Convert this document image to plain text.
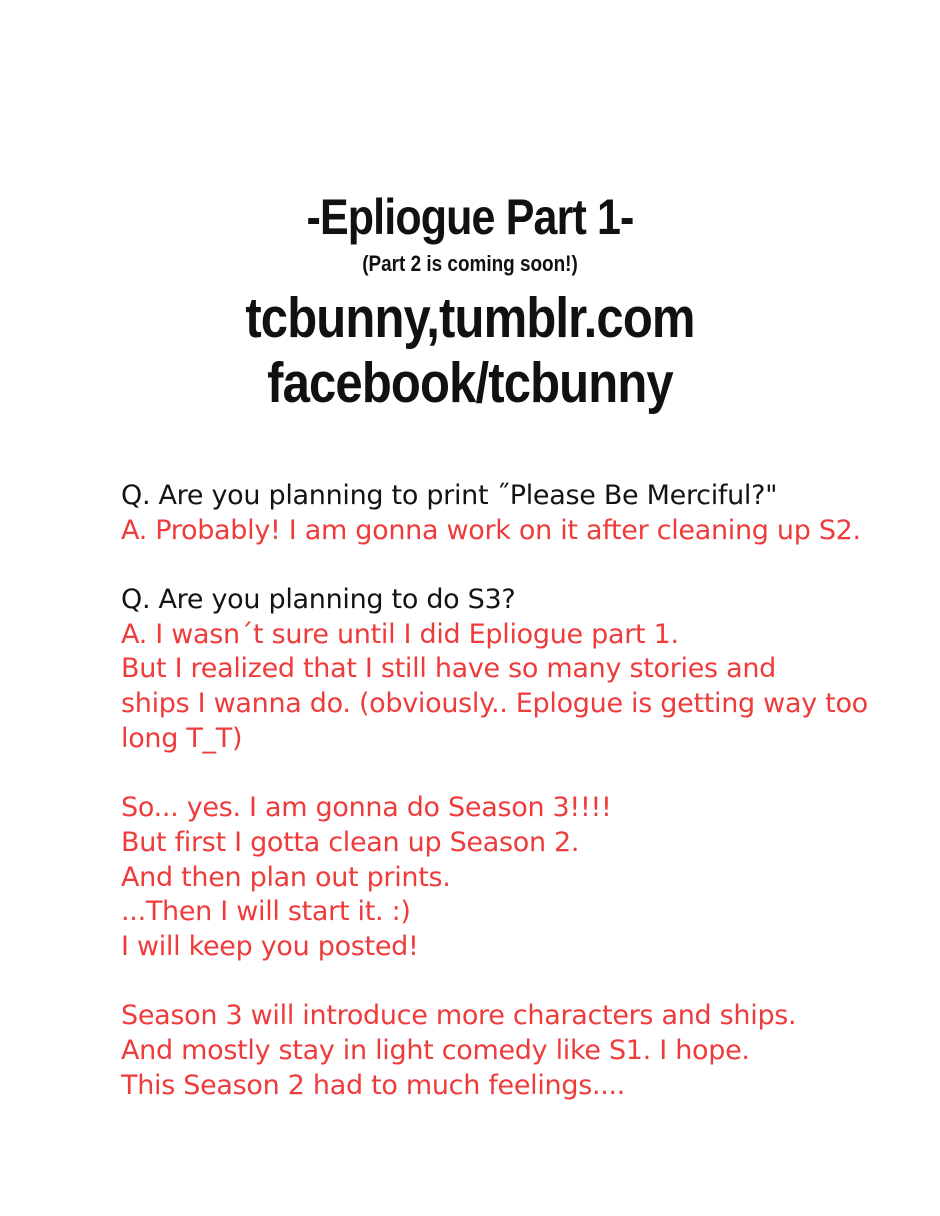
-Epliogue Part 1-
(Part 2 is coming soon!)
tcbunny,tumblr.com
facebook/tcbunny
Q. Are you planning to print ˝Please Be Merciful?"
A. Probably! I am gonna work on it after cleaning up S2.
Q. Are you planning to do S3?
A. I wasn´t sure until I did Epliogue part 1.
But I realized that I still have so many stories and
ships I wanna do. (obviously.. Eplogue is getting way too
long T_T)
So... yes. I am gonna do Season 3!!!!
But first I gotta clean up Season 2.
And then plan out prints.
...Then I will start it. :)
I will keep you posted!
Season 3 will introduce more characters and ships.
And mostly stay in light comedy like S1. I hope.
This Season 2 had to much feelings....
